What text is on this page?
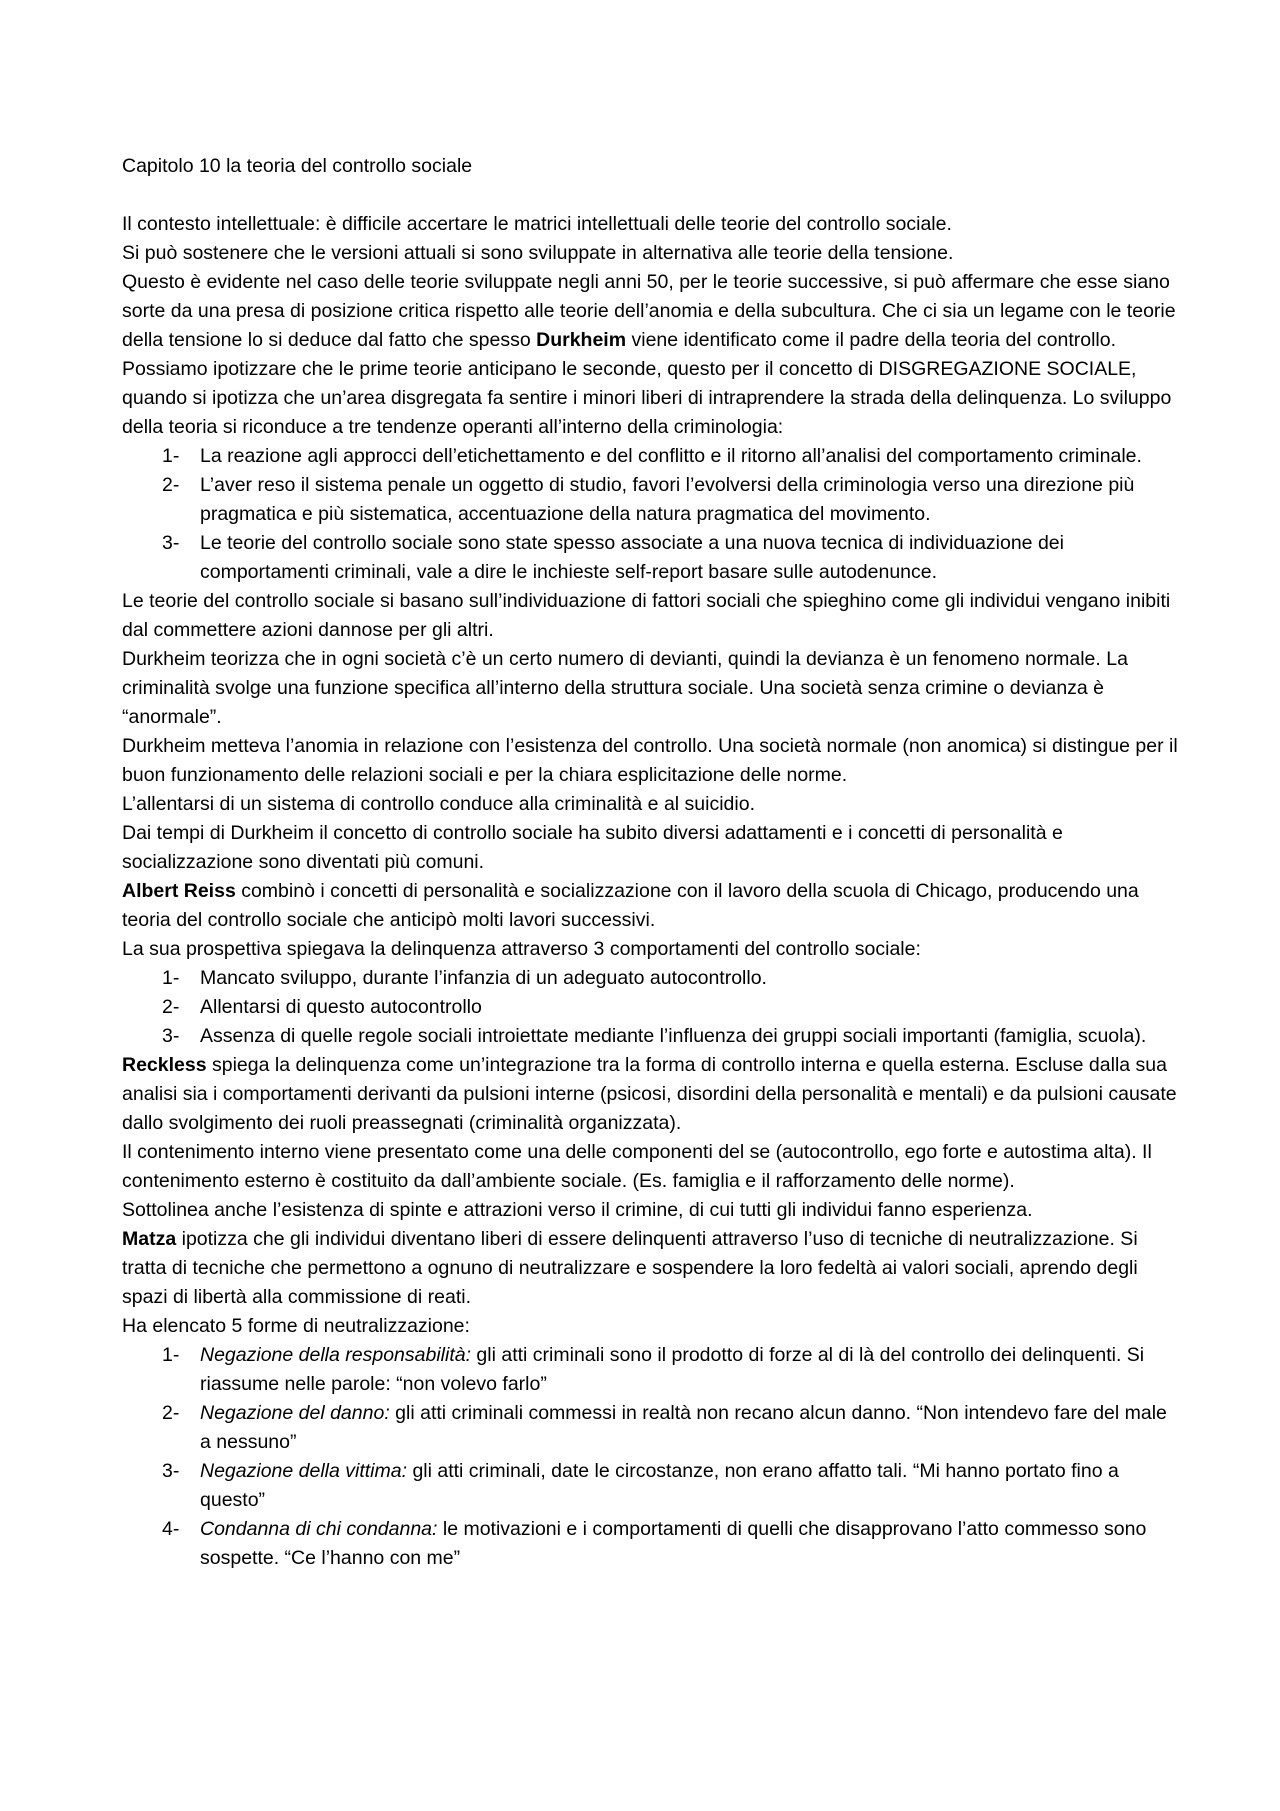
Capitolo 10 la teoria del controllo sociale

Il contesto intellettuale: è difficile accertare le matrici intellettuali delle teorie del controllo sociale.

Si può sostenere che le versioni attuali si sono sviluppate in alternativa alle teorie della tensione.

Questo è evidente nel caso delle teorie sviluppate negli anni 50, per le teorie successive, si può affermare che esse siano sorte da una presa di posizione critica rispetto alle teorie dell’anomia e della subcultura. Che ci sia un legame con le teorie della tensione lo si deduce dal fatto che spesso Durkheim viene identificato come il padre della teoria del controllo.

Possiamo ipotizzare che le prime teorie anticipano le seconde, questo per il concetto di DISGREGAZIONE SOCIALE, quando si ipotizza che un’area disgregata fa sentire i minori liberi di intraprendere la strada della delinquenza. Lo sviluppo della teoria si riconduce a tre tendenze operanti all’interno della criminologia:

1- La reazione agli approcci dell’etichettamento e del conflitto e il ritorno all’analisi del comportamento criminale.
2- L’aver reso il sistema penale un oggetto di studio, favori l’evolversi della criminologia verso una direzione più pragmatica e più sistematica, accentuazione della natura pragmatica del movimento.
3- Le teorie del controllo sociale sono state spesso associate a una nuova tecnica di individuazione dei comportamenti criminali, vale a dire le inchieste self-report basare sulle autodenunce.

Le teorie del controllo sociale si basano sull’individuazione di fattori sociali che spieghino come gli individui vengano inibiti dal commettere azioni dannose per gli altri.

Durkheim teorizza che in ogni società c’è un certo numero di devianti, quindi la devianza è un fenomeno normale. La criminalità svolge una funzione specifica all’interno della struttura sociale. Una società senza crimine o devianza è “anormale”.

Durkheim metteva l’anomia in relazione con l’esistenza del controllo. Una società normale (non anomica) si distingue per il buon funzionamento delle relazioni sociali e per la chiara esplicitazione delle norme.

L’allentarsi di un sistema di controllo conduce alla criminalità e al suicidio.

Dai tempi di Durkheim il concetto di controllo sociale ha subito diversi adattamenti e i concetti di personalità e socializzazione sono diventati più comuni.

Albert Reiss combinò i concetti di personalità e socializzazione con il lavoro della scuola di Chicago, producendo una teoria del controllo sociale che anticipò molti lavori successivi.

La sua prospettiva spiegava la delinquenza attraverso 3 comportamenti del controllo sociale:

1- Mancato sviluppo, durante l’infanzia di un adeguato autocontrollo.
2- Allentarsi di questo autocontrollo
3- Assenza di quelle regole sociali introiettate mediante l’influenza dei gruppi sociali importanti (famiglia, scuola).

Reckless spiega la delinquenza come un’integrazione tra la forma di controllo interna e quella esterna. Escluse dalla sua analisi sia i comportamenti derivanti da pulsioni interne (psicosi, disordini della personalità e mentali) e da pulsioni causate dallo svolgimento dei ruoli preassegnati (criminalità organizzata).

Il contenimento interno viene presentato come una delle componenti del se (autocontrollo, ego forte e autostima alta). Il contenimento esterno è costituito da dall’ambiente sociale. (Es. famiglia e il rafforzamento delle norme).

Sottolinea anche l’esistenza di spinte e attrazioni verso il crimine, di cui tutti gli individui fanno esperienza.

Matza ipotizza che gli individui diventano liberi di essere delinquenti attraverso l’uso di tecniche di neutralizzazione. Si tratta di tecniche che permettono a ognuno di neutralizzare e sospendere la loro fedeltà ai valori sociali, aprendo degli spazi di libertà alla commissione di reati.

Ha elencato 5 forme di neutralizzazione:

1- Negazione della responsabilità: gli atti criminali sono il prodotto di forze al di là del controllo dei delinquenti. Si riassume nelle parole: “non volevo farlo”
2- Negazione del danno: gli atti criminali commessi in realtà non recano alcun danno. “Non intendevo fare del male a nessuno”
3- Negazione della vittima: gli atti criminali, date le circostanze, non erano affatto tali. “Mi hanno portato fino a questo”
4- Condanna di chi condanna: le motivazioni e i comportamenti di quelli che disapprovano l’atto commesso sono sospette. “Ce l’hanno con me”
